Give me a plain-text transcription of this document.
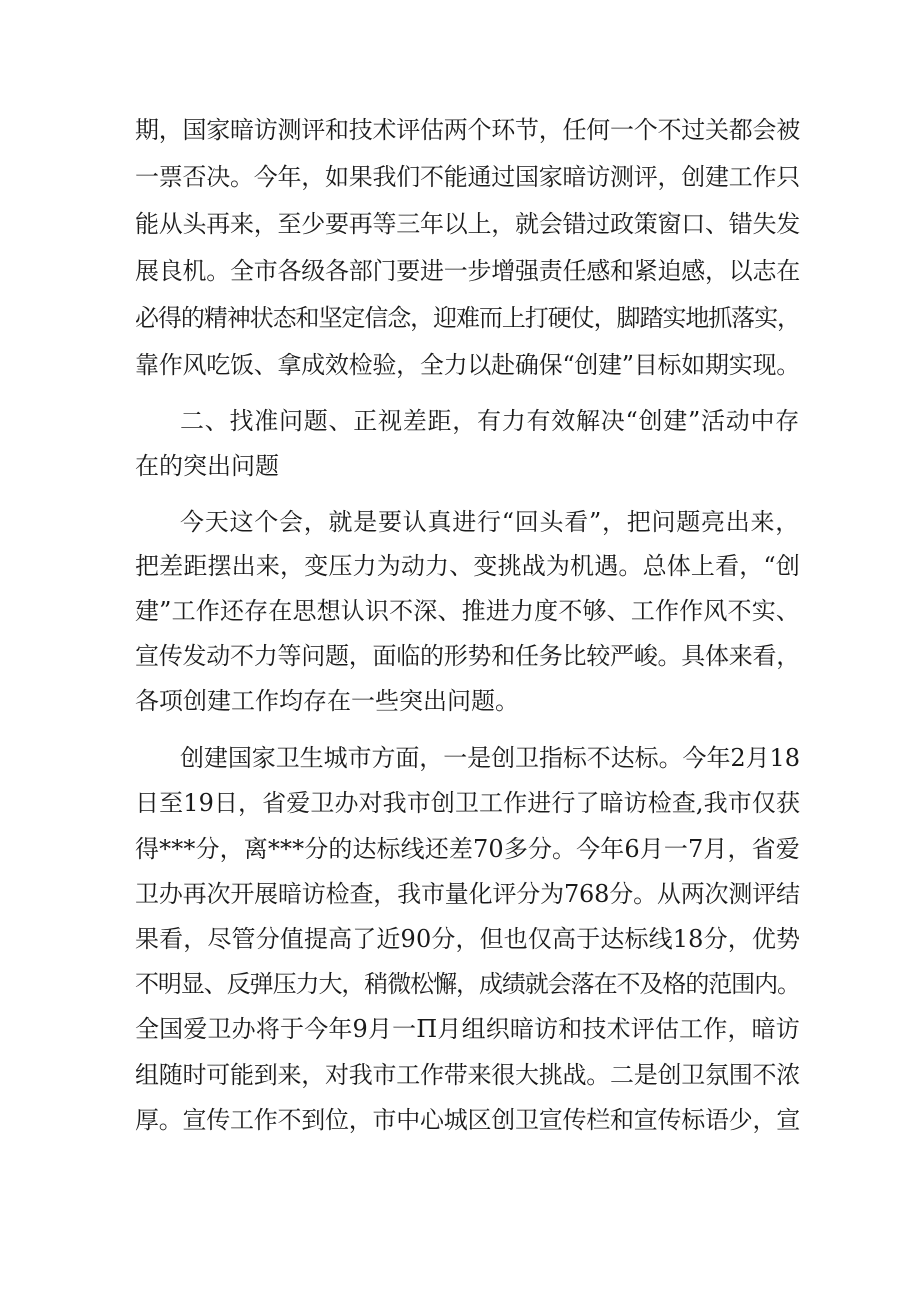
期，国家暗访测评和技术评估两个环节，任何一个不过关都会被
一票否决。今年，如果我们不能通过国家暗访测评，创建工作只
能从头再来，至少要再等三年以上，就会错过政策窗口、错失发
展良机。全市各级各部门要进一步增强责任感和紧迫感，以志在
必得的精神状态和坚定信念，迎难而上打硬仗，脚踏实地抓落实，
靠作风吃饭、拿成效检验，全力以赴确保“创建”目标如期实现。
二、找准问题、正视差距，有力有效解决“创建”活动中存
在的突出问题
今天这个会，就是要认真进行“回头看”，把问题亮出来，
把差距摆出来，变压力为动力、变挑战为机遇。总体上看，“创
建”工作还存在思想认识不深、推进力度不够、工作作风不实、
宣传发动不力等问题，面临的形势和任务比较严峻。具体来看，
各项创建工作均存在一些突出问题。
创建国家卫生城市方面，一是创卫指标不达标。今年2月18
日至19日，省爱卫办对我市创卫工作进行了暗访检查,我市仅获
得***分，离***分的达标线还差70多分。今年6月一7月，省爱
卫办再次开展暗访检查，我市量化评分为768分。从两次测评结
果看，尽管分值提高了近90分，但也仅高于达标线18分，优势
不明显、反弹压力大，稍微松懈，成绩就会落在不及格的范围内。
全国爱卫办将于今年9月一Π月组织暗访和技术评估工作，暗访
组随时可能到来，对我市工作带来很大挑战。二是创卫氛围不浓
厚。宣传工作不到位，市中心城区创卫宣传栏和宣传标语少，宣
